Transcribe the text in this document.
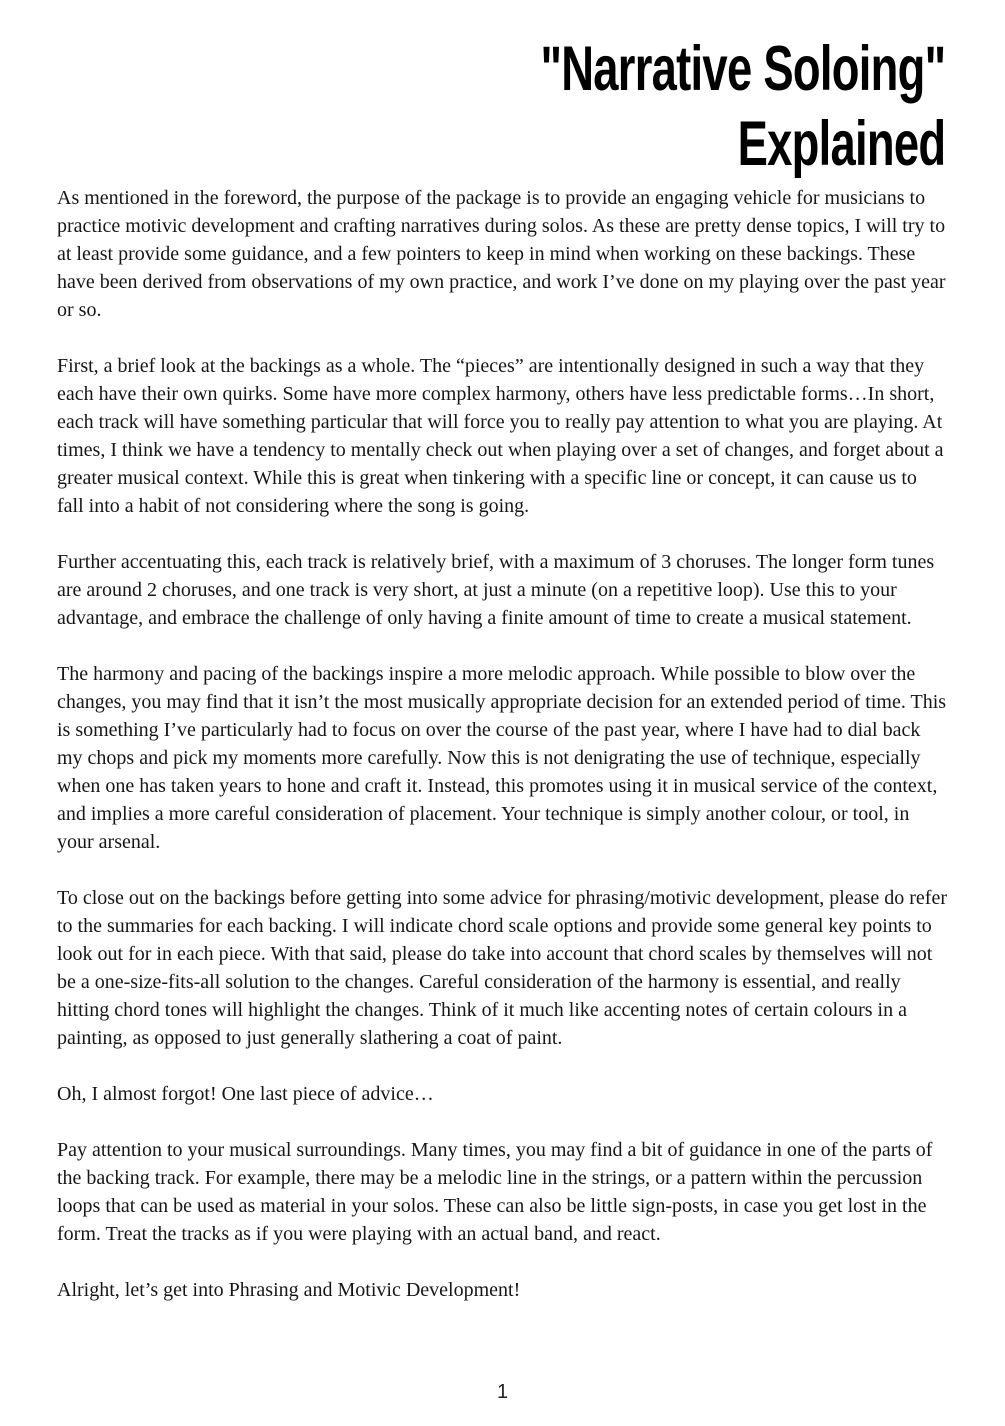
"Narrative Soloing"
Explained

As mentioned in the foreword, the purpose of the package is to provide an engaging vehicle for musicians to practice motivic development and crafting narratives during solos. As these are pretty dense topics, I will try to at least provide some guidance, and a few pointers to keep in mind when working on these backings. These have been derived from observations of my own practice, and work I’ve done on my playing over the past year or so.

First, a brief look at the backings as a whole. The “pieces” are intentionally designed in such a way that they each have their own quirks. Some have more complex harmony, others have less predictable forms…In short, each track will have something particular that will force you to really pay attention to what you are playing. At times, I think we have a tendency to mentally check out when playing over a set of changes, and forget about a greater musical context. While this is great when tinkering with a specific line or concept, it can cause us to fall into a habit of not considering where the song is going.

Further accentuating this, each track is relatively brief, with a maximum of 3 choruses. The longer form tunes are around 2 choruses, and one track is very short, at just a minute (on a repetitive loop). Use this to your advantage, and embrace the challenge of only having a finite amount of time to create a musical statement.

The harmony and pacing of the backings inspire a more melodic approach. While possible to blow over the changes, you may find that it isn’t the most musically appropriate decision for an extended period of time. This is something I’ve particularly had to focus on over the course of the past year, where I have had to dial back my chops and pick my moments more carefully. Now this is not denigrating the use of technique, especially when one has taken years to hone and craft it. Instead, this promotes using it in musical service of the context, and implies a more careful consideration of placement. Your technique is simply another colour, or tool, in your arsenal.

To close out on the backings before getting into some advice for phrasing/motivic development, please do refer to the summaries for each backing. I will indicate chord scale options and provide some general key points to look out for in each piece. With that said, please do take into account that chord scales by themselves will not be a one-size-fits-all solution to the changes. Careful consideration of the harmony is essential, and really hitting chord tones will highlight the changes. Think of it much like accenting notes of certain colours in a painting, as opposed to just generally slathering a coat of paint.

Oh, I almost forgot! One last piece of advice…

Pay attention to your musical surroundings. Many times, you may find a bit of guidance in one of the parts of the backing track. For example, there may be a melodic line in the strings, or a pattern within the percussion loops that can be used as material in your solos. These can also be little sign-posts, in case you get lost in the form. Treat the tracks as if you were playing with an actual band, and react.

Alright, let’s get into Phrasing and Motivic Development!

1
